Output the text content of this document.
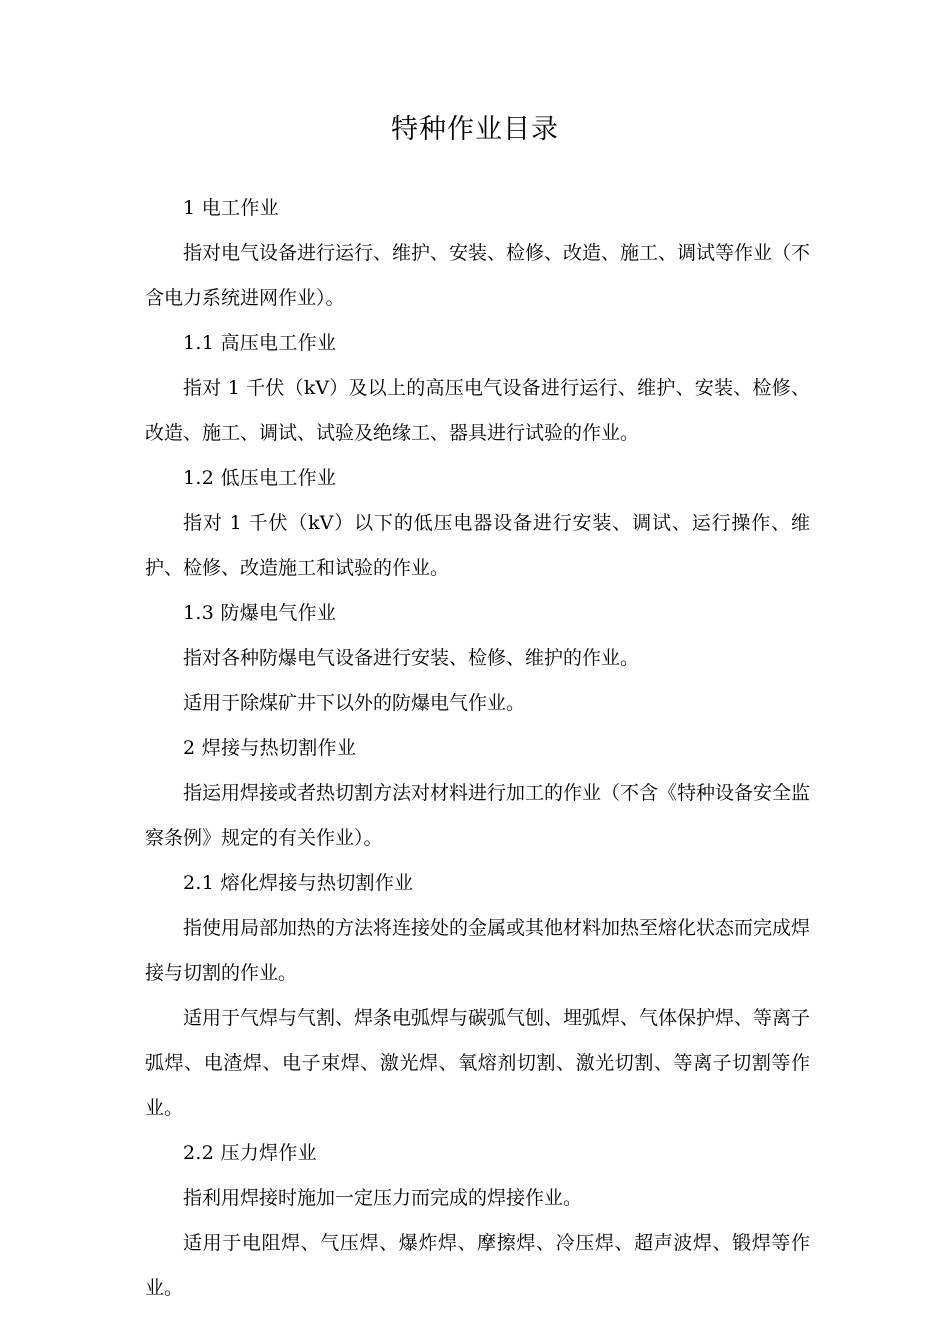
特种作业目录

1 电工作业

指对电气设备进行运行、维护、安装、检修、改造、施工、调试等作业（不含电力系统进网作业）。

1.1 高压电工作业

指对 1 千伏（kV）及以上的高压电气设备进行运行、维护、安装、检修、改造、施工、调试、试验及绝缘工、器具进行试验的作业。

1.2 低压电工作业

指对 1 千伏（kV）以下的低压电器设备进行安装、调试、运行操作、维护、检修、改造施工和试验的作业。

1.3 防爆电气作业

指对各种防爆电气设备进行安装、检修、维护的作业。

适用于除煤矿井下以外的防爆电气作业。

2 焊接与热切割作业

指运用焊接或者热切割方法对材料进行加工的作业（不含《特种设备安全监察条例》规定的有关作业）。

2.1 熔化焊接与热切割作业

指使用局部加热的方法将连接处的金属或其他材料加热至熔化状态而完成焊接与切割的作业。

适用于气焊与气割、焊条电弧焊与碳弧气刨、埋弧焊、气体保护焊、等离子弧焊、电渣焊、电子束焊、激光焊、氧熔剂切割、激光切割、等离子切割等作业。

2.2 压力焊作业

指利用焊接时施加一定压力而完成的焊接作业。

适用于电阻焊、气压焊、爆炸焊、摩擦焊、冷压焊、超声波焊、锻焊等作业。
